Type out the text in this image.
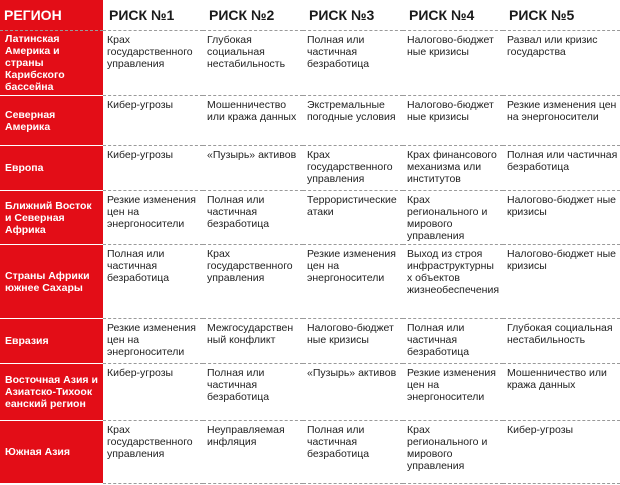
РЕГИОН	РИСК №1	РИСК №2	РИСК №3	РИСК №4	РИСК №5
Латинская Америка и страны Карибского бассейна	Крах государственного управления	Глубокая социальная нестабильность	Полная или частичная безработица	Налогово-бюджет ные кризисы	Развал или кризис государства
Северная Америка	Кибер-угрозы	Мошенничество или кража данных	Экстремальные погодные условия	Налогово-бюджет ные кризисы	Резкие изменения цен на энергоносители
Европа	Кибер-угрозы	«Пузырь» активов	Крах государственного управления	Крах финансового механизма или институтов	Полная или частичная безработица
Ближний Восток и Северная Африка	Резкие изменения цен на энергоносители	Полная или частичная безработица	Террористические атаки	Крах регионального и мирового управления	Налогово-бюджет ные кризисы
Страны Африки южнее Сахары	Полная или частичная безработица	Крах государственного управления	Резкие изменения цен на энергоносители	Выход из строя инфраструктурны х объектов жизнеобеспечения	Налогово-бюджет ные кризисы
Евразия	Резкие изменения цен на энергоносители	Межгосударствен ный конфликт	Налогово-бюджет ные кризисы	Полная или частичная безработица	Глубокая социальная нестабильность
Восточная Азия и Азиатско-Тихоок еанский регион	Кибер-угрозы	Полная или частичная безработица	«Пузырь» активов	Резкие изменения цен на энергоносители	Мошенничество или кража данных
Южная Азия	Крах государственного управления	Неуправляемая инфляция	Полная или частичная безработица	Крах регионального и мирового управления	Кибер-угрозы
